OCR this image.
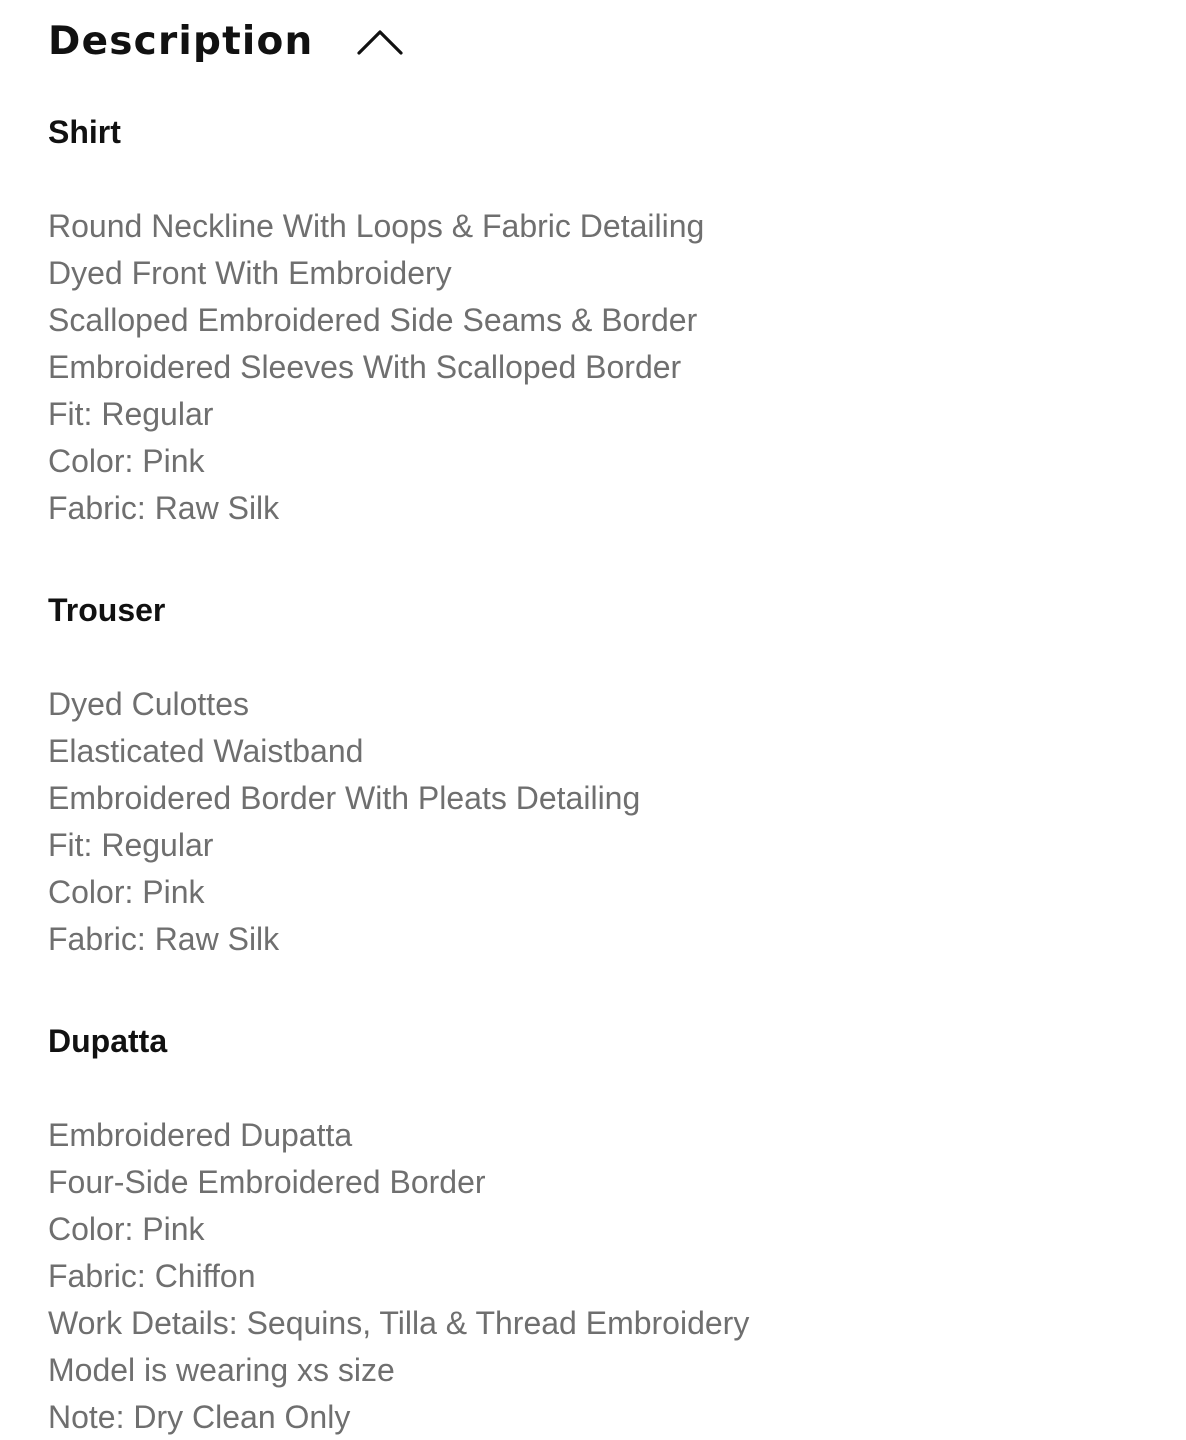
Description
Shirt
Round Neckline With Loops & Fabric Detailing
Dyed Front With Embroidery
Scalloped Embroidered Side Seams & Border
Embroidered Sleeves With Scalloped Border
Fit: Regular
Color: Pink
Fabric: Raw Silk
Trouser
Dyed Culottes
Elasticated Waistband
Embroidered Border With Pleats Detailing
Fit: Regular
Color: Pink
Fabric: Raw Silk
Dupatta
Embroidered Dupatta
Four-Side Embroidered Border
Color: Pink
Fabric: Chiffon
Work Details: Sequins, Tilla & Thread Embroidery
Model is wearing xs size
Note: Dry Clean Only
